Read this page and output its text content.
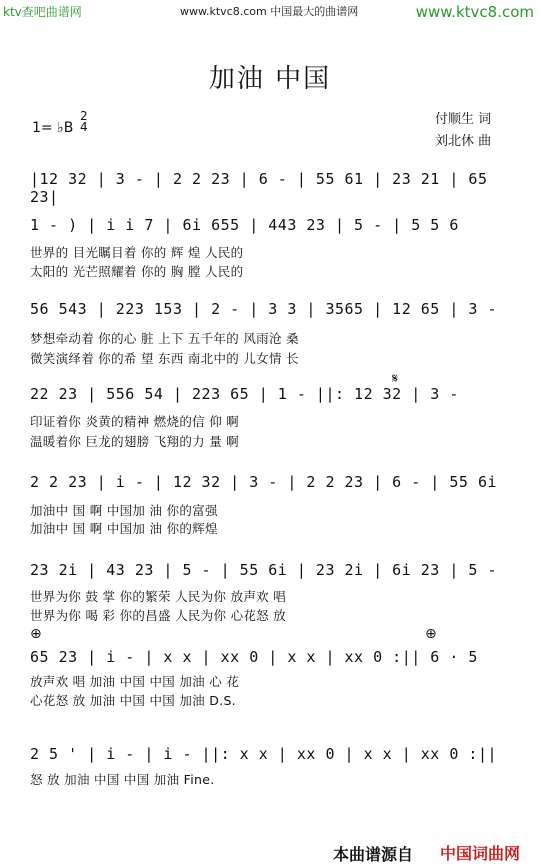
ktv查吧曲谱网	www.ktvc8.com 中国最大的曲谱网	www.ktvc8.com
加油 中国
1= ♭B
2
4	付顺生 词
刘北休 曲
|12 32 | 3 - | 2 2 23 | 6 - | 55 61 | 23 21 | 65 23|
1 - ) | i i 7 | 6i 655 | 443 23 | 5 - | 5 5 6
世界的 目光瞩目着 你的 辉 煌 人民的
太阳的 光芒照耀着 你的 胸 膛 人民的
56 543 | 223 153 | 2 - | 3 3 | 3565 | 12 65 | 3 -
梦想牵动着 你的心 脏 上下 五千年的 风雨沧 桑
微笑演绎着 你的希 望 东西 南北中的 儿女情 长
𝄋
22 23 | 556 54 | 223 65 | 1 - ||: 12 32 | 3 -
印证着你 炎黄的精神 燃烧的信 仰 啊
温暖着你 巨龙的翅膀 飞翔的力 量 啊
2 2 23 | i - | 12 32 | 3 - | 2 2 23 | 6 - | 55 6i
加油中 国 啊 中国加 油 你的富强
加油中 国 啊 中国加 油 你的辉煌
23 2i | 43 23 | 5 - | 55 6i | 23 2i | 6i 23 | 5 -
世界为你 鼓 掌 你的繁荣 人民为你 放声欢 唱
世界为你 喝 彩 你的昌盛 人民为你 心花怒 放
⊕	⊕
65 23 | i - | x x | xx 0 | x x | xx 0 :|| 6 · 5
放声欢 唱 加油 中国 中国 加油 心 花
心花怒 放 加油 中国 中国 加油 D.S.
2 5 ' | i - | i - ||: x x | xx 0 | x x | xx 0 :||
怒 放 加油 中国 中国 加油 Fine.
本曲谱源自 中国词曲网
